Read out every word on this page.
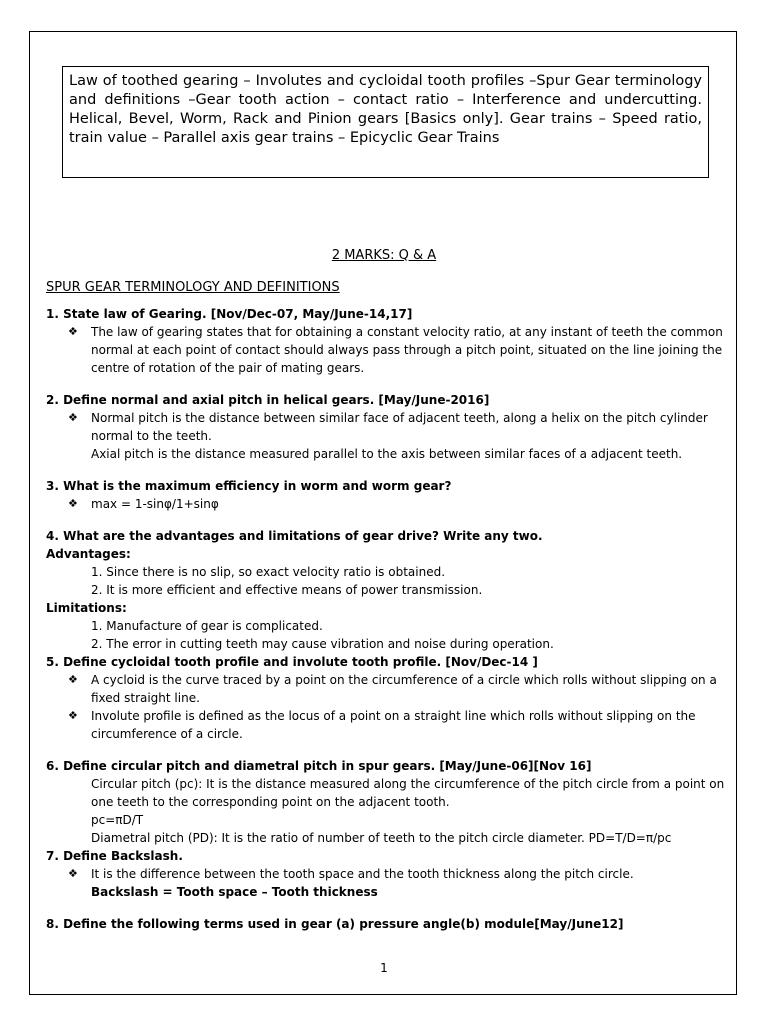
Law of toothed gearing – Involutes and cycloidal tooth profiles –Spur Gear terminology and definitions –Gear tooth action – contact ratio – Interference and undercutting. Helical, Bevel, Worm, Rack and Pinion gears [Basics only]. Gear trains – Speed ratio, train value – Parallel axis gear trains – Epicyclic Gear Trains
2 MARKS: Q & A
SPUR GEAR TERMINOLOGY AND DEFINITIONS
1. State law of Gearing. [Nov/Dec-07, May/June-14,17]
❖ The law of gearing states that for obtaining a constant velocity ratio, at any instant of teeth the common normal at each point of contact should always pass through a pitch point, situated on the line joining the centre of rotation of the pair of mating gears.
2. Define normal and axial pitch in helical gears. [May/June-2016]
❖ Normal pitch is the distance between similar face of adjacent teeth, along a helix on the pitch cylinder normal to the teeth.
Axial pitch is the distance measured parallel to the axis between similar faces of a adjacent teeth.
3. What is the maximum efficiency in worm and worm gear?
❖ max = 1-sinφ/1+sinφ
4. What are the advantages and limitations of gear drive? Write any two.
Advantages:
1. Since there is no slip, so exact velocity ratio is obtained.
2. It is more efficient and effective means of power transmission.
Limitations:
1. Manufacture of gear is complicated.
2. The error in cutting teeth may cause vibration and noise during operation.
5. Define cycloidal tooth profile and involute tooth profile. [Nov/Dec-14 ]
❖ A cycloid is the curve traced by a point on the circumference of a circle which rolls without slipping on a fixed straight line.
❖ Involute profile is defined as the locus of a point on a straight line which rolls without slipping on the circumference of a circle.
6. Define circular pitch and diametral pitch in spur gears. [May/June-06][Nov 16]
Circular pitch (pc): It is the distance measured along the circumference of the pitch circle from a point on one teeth to the corresponding point on the adjacent tooth.
pc=πD/T
Diametral pitch (PD): It is the ratio of number of teeth to the pitch circle diameter. PD=T/D=π/pc
7. Define Backslash.
❖ It is the difference between the tooth space and the tooth thickness along the pitch circle.
Backslash = Tooth space – Tooth thickness
8. Define the following terms used in gear (a) pressure angle(b) module[May/June12]
1
